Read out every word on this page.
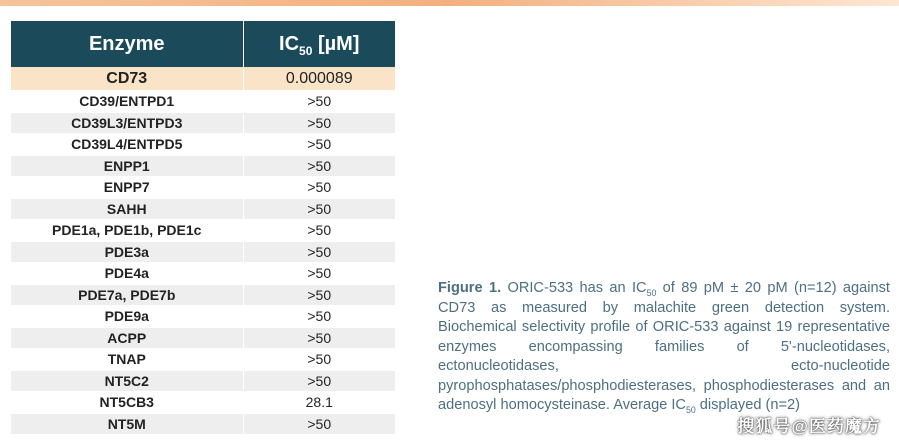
Enzyme	$IC_{50}$ [µM]
CD73	0.000089
CD39/ENTPD1	>50
CD39L3/ENTPD3	>50
CD39L4/ENTPD5	>50
ENPP1	>50
ENPP7	>50
SAHH	>50
PDE1a, PDE1b, PDE1c	>50
PDE3a	>50
PDE4a	>50
PDE7a, PDE7b	>50
PDE9a	>50
ACPP	>50
TNAP	>50
NT5C2	>50
NT5CB3	28.1
NT5M	>50
Figure 1. ORIC-533 has an $IC_{50}$ of 89 pM ± 20 pM (n=12) against CD73 as measured by malachite green detection system. Biochemical selectivity profile of ORIC-533 against 19 representative enzymes encompassing families of 5'-nucleotidases, ectonucleotidases, ecto-nucleotide pyrophosphatases/phosphodiesterases, phosphodiesterases and an adenosyl homocysteinase. Average $IC_{50}$ displayed (n=2)
搜狐号@医药魔方
